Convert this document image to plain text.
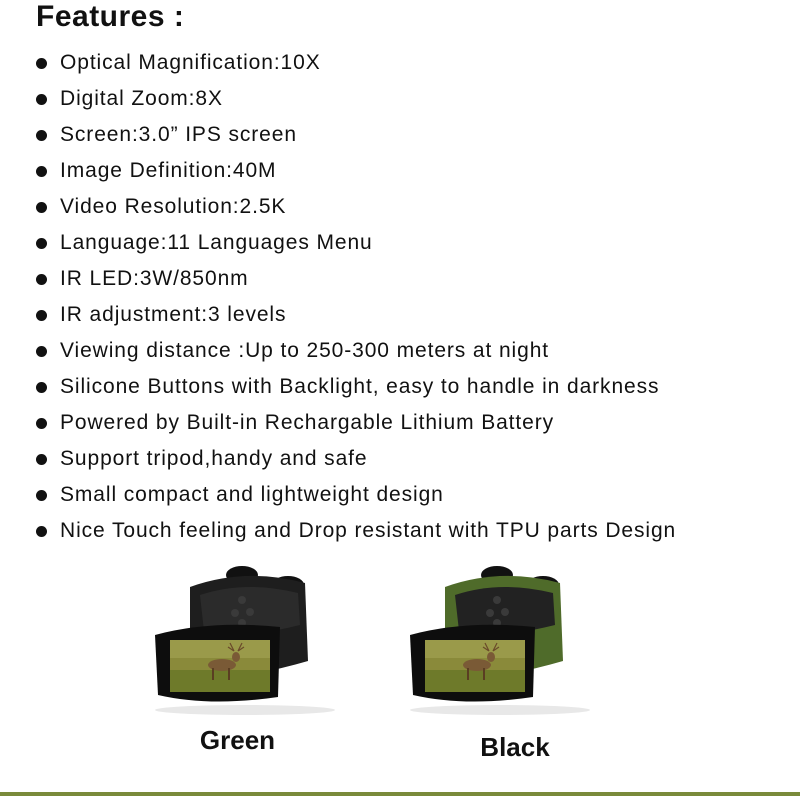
Features :
Optical Magnification:10X
Digital Zoom:8X
Screen:3.0” IPS screen
Image Definition:40M
Video Resolution:2.5K
Language:11 Languages Menu
IR LED:3W/850nm
IR adjustment:3 levels
Viewing distance :Up to 250-300 meters at night
Silicone Buttons with Backlight, easy to handle in darkness
Powered by Built-in Rechargable Lithium Battery
Support tripod,handy and safe
Small compact and lightweight design
Nice Touch feeling and Drop resistant with TPU parts Design
Green	Black
